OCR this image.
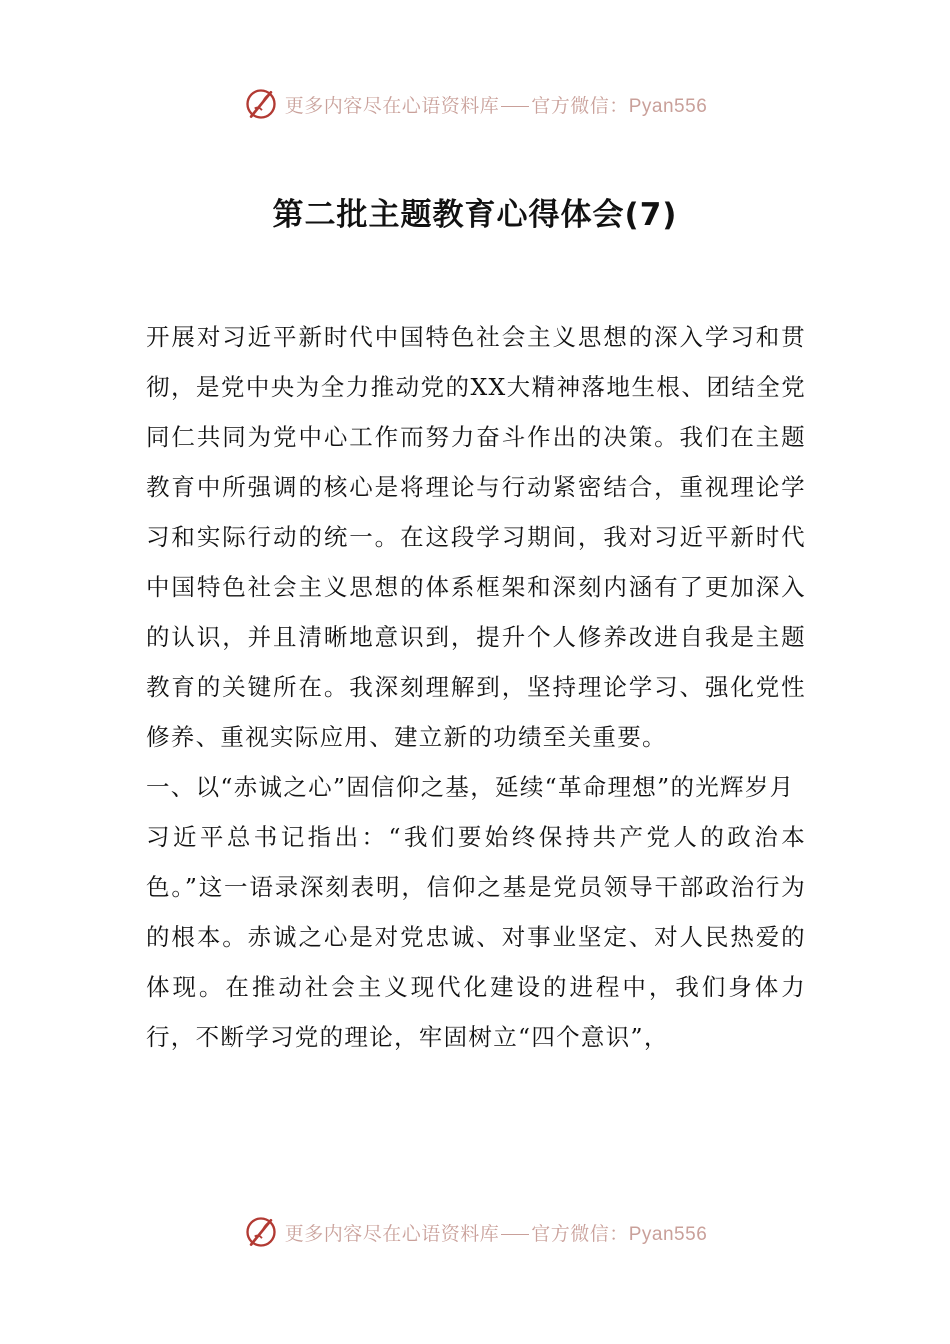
更多内容尽在心语资料库 官方微信：Pyan556
第二批主题教育心得体会(7)

开展对习近平新时代中国特色社会主义思想的深入学习和贯彻，是党中央为全力推动党的XX大精神落地生根、团结全党同仁共同为党中心工作而努力奋斗作出的决策。我们在主题教育中所强调的核心是将理论与行动紧密结合，重视理论学习和实际行动的统一。在这段学习期间，我对习近平新时代中国特色社会主义思想的体系框架和深刻内涵有了更加深入的认识，并且清晰地意识到，提升个人修养改进自我是主题教育的关键所在。我深刻理解到，坚持理论学习、强化党性修养、重视实际应用、建立新的功绩至关重要。

一、以“赤诚之心”固信仰之基，延续“革命理想”的光辉岁月

习近平总书记指出：“我们要始终保持共产党人的政治本色。”这一语录深刻表明，信仰之基是党员领导干部政治行为的根本。赤诚之心是对党忠诚、对事业坚定、对人民热爱的体现。在推动社会主义现代化建设的进程中，我们身体力行，不断学习党的理论，牢固树立“四个意识”，

更多内容尽在心语资料库 官方微信：Pyan556
